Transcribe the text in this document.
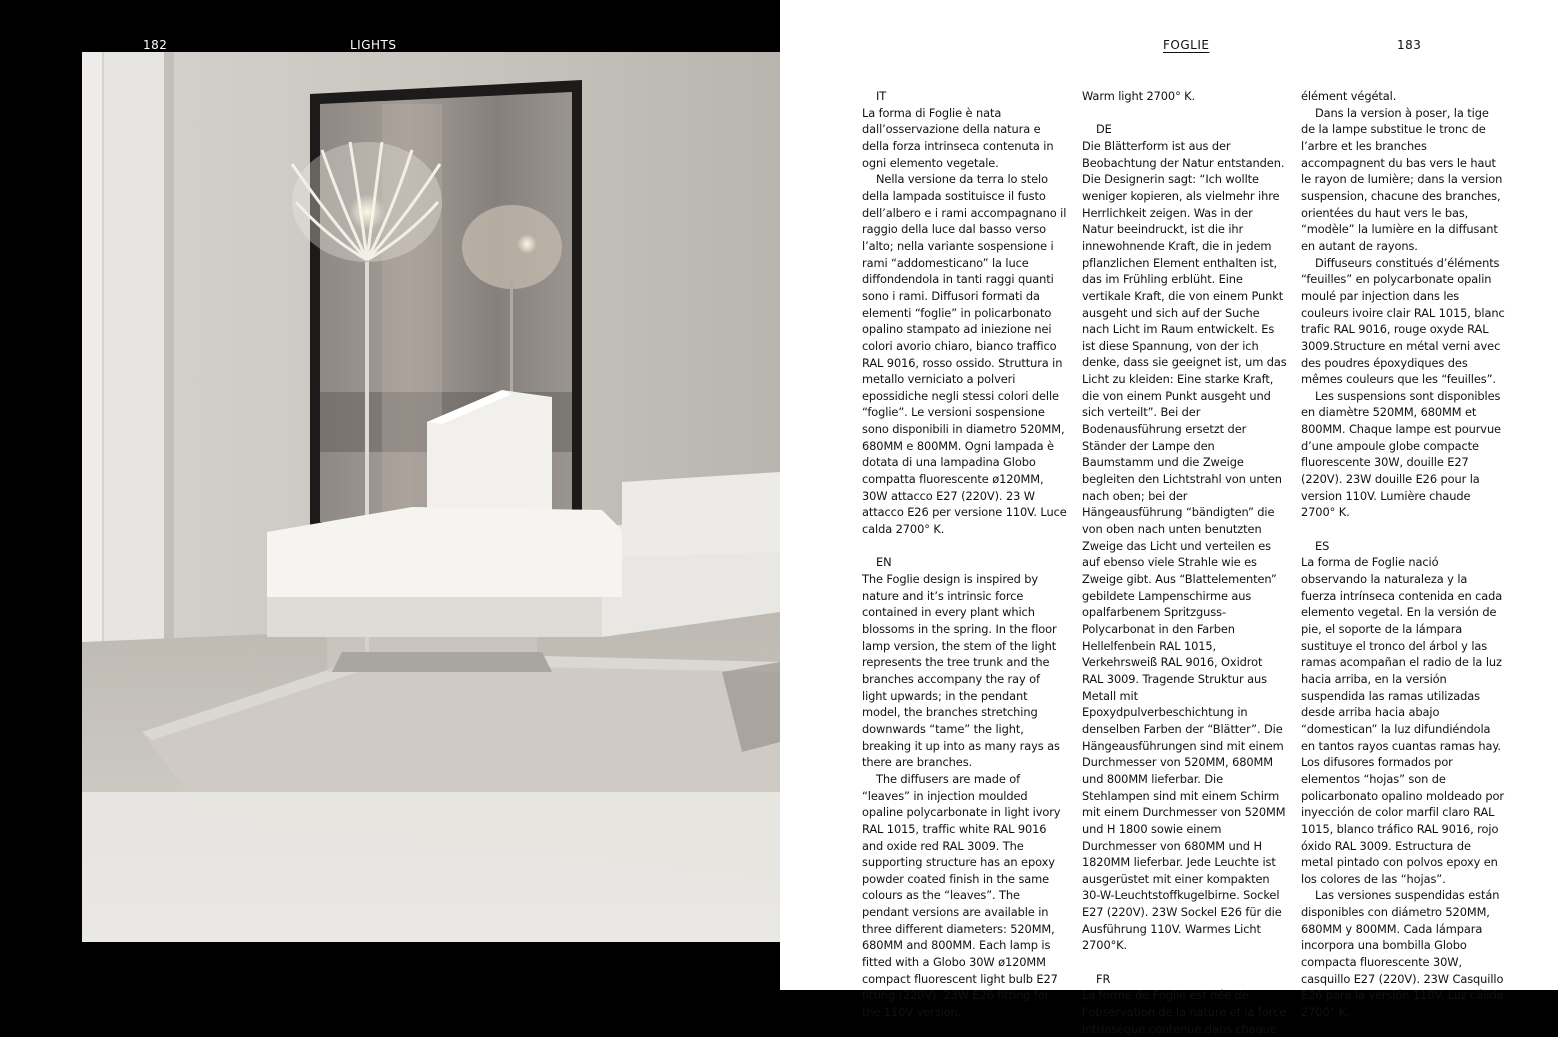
182	LIGHTS	FOGLIE	183

IT

La forma di Foglie è nata dall’osservazione della natura e della forza intrinseca contenuta in ogni elemento vegetale.

Nella versione da terra lo stelo della lampada sostituisce il fusto dell’albero e i rami accompagnano il raggio della luce dal basso verso l’alto; nella variante sospensione i rami “addomesticano” la luce diffondendola in tanti raggi quanti sono i rami. Diffusori formati da elementi “foglie” in policarbonato opalino stampato ad iniezione nei colori avorio chiaro, bianco traffico RAL 9016, rosso ossido. Struttura in metallo verniciato a polveri epossidiche negli stessi colori delle “foglie”. Le versioni sospensione sono disponibili in diametro 520MM, 680MM e 800MM. Ogni lampada è dotata di una lampadina Globo compatta fluorescente ø120MM, 30W attacco E27 (220V). 23 W attacco E26 per versione 110V. Luce calda 2700° K.

EN

The Foglie design is inspired by nature and it’s intrinsic force contained in every plant which blossoms in the spring. In the floor lamp version, the stem of the light represents the tree trunk and the branches accompany the ray of light upwards; in the pendant model, the branches stretching downwards “tame” the light, breaking it up into as many rays as there are branches.

The diffusers are made of “leaves” in injection moulded opaline polycarbonate in light ivory RAL 1015, traffic white RAL 9016 and oxide red RAL 3009. The supporting structure has an epoxy powder coated finish in the same colours as the “leaves”. The pendant versions are available in three different diameters: 520MM, 680MM and 800MM. Each lamp is fitted with a Globo 30W ø120MM compact fluorescent light bulb E27 fitting (220V). 23W E26 fitting for the 110V version.

Warm light 2700° K.

DE

Die Blätterform ist aus der Beobachtung der Natur entstanden. Die Designerin sagt: “Ich wollte weniger kopieren, als vielmehr ihre Herrlichkeit zeigen. Was in der Natur beeindruckt, ist die ihr innewohnende Kraft, die in jedem pflanzlichen Element enthalten ist, das im Frühling erblüht. Eine vertikale Kraft, die von einem Punkt ausgeht und sich auf der Suche nach Licht im Raum entwickelt. Es ist diese Spannung, von der ich denke, dass sie geeignet ist, um das Licht zu kleiden: Eine starke Kraft, die von einem Punkt ausgeht und sich verteilt”. Bei der Bodenausführung ersetzt der Ständer der Lampe den Baumstamm und die Zweige begleiten den Lichtstrahl von unten nach oben; bei der Hängeausführung “bändigten” die von oben nach unten benutzten Zweige das Licht und verteilen es auf ebenso viele Strahle wie es Zweige gibt. Aus “Blattelementen” gebildete Lampenschirme aus opalfarbenem Spritzguss-Polycarbonat in den Farben Hellelfenbein RAL 1015, Verkehrsweiß RAL 9016, Oxidrot RAL 3009. Tragende Struktur aus Metall mit Epoxydpulverbeschichtung in denselben Farben der “Blätter”. Die Hängeausführungen sind mit einem Durchmesser von 520MM, 680MM und 800MM lieferbar. Die Stehlampen sind mit einem Schirm mit einem Durchmesser von 520MM und H 1800 sowie einem Durchmesser von 680MM und H 1820MM lieferbar. Jede Leuchte ist ausgerüstet mit einer kompakten 30-W-Leuchtstoffkugelbirne. Sockel E27 (220V). 23W Sockel E26 für die Ausführung 110V. Warmes Licht 2700°K.

FR

La forme de Foglie est née de l’observation de la nature et la force intrinsèque contenue dans chaque

élément végétal.

Dans la version à poser, la tige de la lampe substitue le tronc de l’arbre et les branches accompagnent du bas vers le haut le rayon de lumière; dans la version suspension, chacune des branches, orientées du haut vers le bas, “modèle” la lumière en la diffusant en autant de rayons.

Diffuseurs constitués d’éléments “feuilles” en polycarbonate opalin moulé par injection dans les couleurs ivoire clair RAL 1015, blanc trafic RAL 9016, rouge oxyde RAL 3009.Structure en métal verni avec des poudres époxydiques des mêmes couleurs que les “feuilles”.

Les suspensions sont disponibles en diamètre 520MM, 680MM et 800MM. Chaque lampe est pourvue d’une ampoule globe compacte fluorescente 30W, douille E27 (220V). 23W douille E26 pour la version 110V. Lumière chaude 2700° K.

ES

La forma de Foglie nació observando la naturaleza y la fuerza intrínseca contenida en cada elemento vegetal. En la versión de pie, el soporte de la lámpara sustituye el tronco del árbol y las ramas acompañan el radio de la luz hacia arriba, en la versión suspendida las ramas utilizadas desde arriba hacia abajo “domestican” la luz difundiéndola en tantos rayos cuantas ramas hay. Los difusores formados por elementos “hojas” son de policarbonato opalino moldeado por inyección de color marfil claro RAL 1015, blanco tráfico RAL 9016, rojo óxido RAL 3009. Estructura de metal pintado con polvos epoxy en los colores de las “hojas”.

Las versiones suspendidas están disponibles con diámetro 520MM, 680MM y 800MM. Cada lámpara incorpora una bombilla Globo compacta fluorescente 30W, casquillo E27 (220V). 23W Casquillo E26 para la versión 110V. Luz cálida 2700° K.
